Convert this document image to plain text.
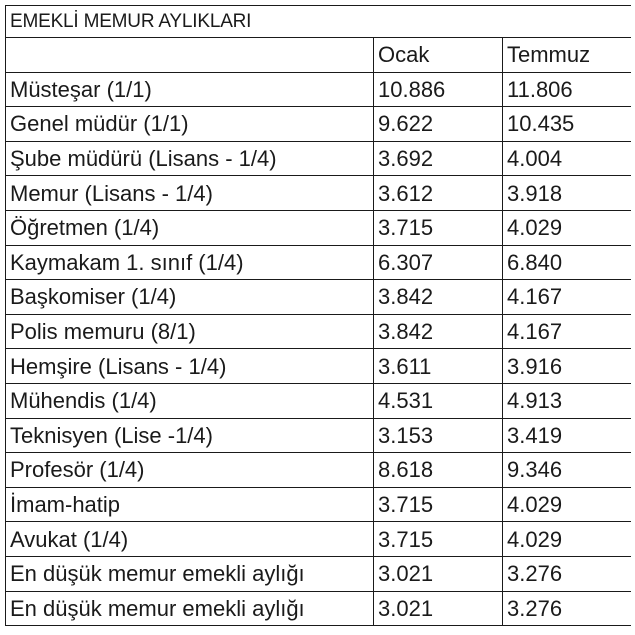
EMEKLİ MEMUR AYLIKLARI		
	Ocak	Temmuz
Müsteşar (1/1)	10.886	11.806
Genel müdür (1/1)	9.622	10.435
Şube müdürü (Lisans - 1/4)	3.692	4.004
Memur (Lisans - 1/4)	3.612	3.918
Öğretmen (1/4)	3.715	4.029
Kaymakam 1. sınıf (1/4)	6.307	6.840
Başkomiser (1/4)	3.842	4.167
Polis memuru (8/1)	3.842	4.167
Hemşire (Lisans - 1/4)	3.611	3.916
Mühendis (1/4)	4.531	4.913
Teknisyen (Lise -1/4)	3.153	3.419
Profesör (1/4)	8.618	9.346
İmam-hatip	3.715	4.029
Avukat (1/4)	3.715	4.029
En düşük memur emekli aylığı	3.021	3.276
En düşük memur emekli aylığı	3.021	3.276
